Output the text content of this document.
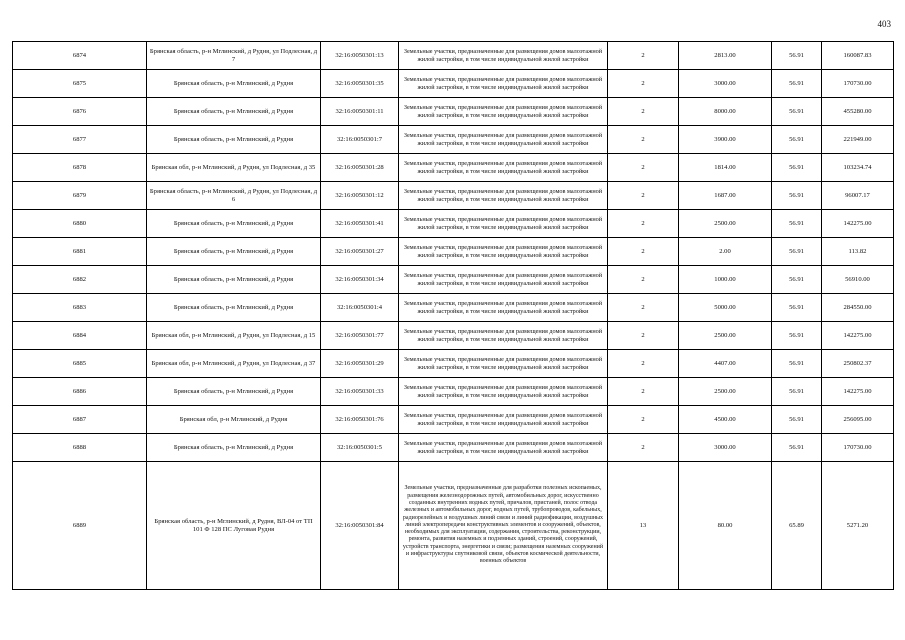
403
6874	Брянская область, р-н Мглинский, д Рудня, ул Подлесная, д 7	32:16:0050301:13	Земельные участки, предназначенные для размещения домов малоэтажной жилой застройки, в том числе индивидуальной жилой застройки	2	2813.00	56.91	160087.83
6875	Брянская область, р-н Мглинский, д Рудня	32:16:0050301:35	Земельные участки, предназначенные для размещения домов малоэтажной жилой застройки, в том числе индивидуальной жилой застройки	2	3000.00	56.91	170730.00
6876	Брянская область, р-н Мглинский, д Рудня	32:16:0050301:11	Земельные участки, предназначенные для размещения домов малоэтажной жилой застройки, в том числе индивидуальной жилой застройки	2	8000.00	56.91	455280.00
6877	Брянская область, р-н Мглинский, д Рудня	32:16:0050301:7	Земельные участки, предназначенные для размещения домов малоэтажной жилой застройки, в том числе индивидуальной жилой застройки	2	3900.00	56.91	221949.00
6878	Брянская обл, р-н Мглинский, д Рудня, ул Подлесная, д 35	32:16:0050301:28	Земельные участки, предназначенные для размещения домов малоэтажной жилой застройки, в том числе индивидуальной жилой застройки	2	1814.00	56.91	103234.74
6879	Брянская область, р-н Мглинский, д Рудня, ул Подлесная, д 6	32:16:0050301:12	Земельные участки, предназначенные для размещения домов малоэтажной жилой застройки, в том числе индивидуальной жилой застройки	2	1687.00	56.91	96007.17
6880	Брянская область, р-н Мглинский, д Рудня	32:16:0050301:41	Земельные участки, предназначенные для размещения домов малоэтажной жилой застройки, в том числе индивидуальной жилой застройки	2	2500.00	56.91	142275.00
6881	Брянская область, р-н Мглинский, д Рудня	32:16:0050301:27	Земельные участки, предназначенные для размещения домов малоэтажной жилой застройки, в том числе индивидуальной жилой застройки	2	2.00	56.91	113.82
6882	Брянская область, р-н Мглинский, д Рудня	32:16:0050301:34	Земельные участки, предназначенные для размещения домов малоэтажной жилой застройки, в том числе индивидуальной жилой застройки	2	1000.00	56.91	56910.00
6883	Брянская область, р-н Мглинский, д Рудня	32:16:0050301:4	Земельные участки, предназначенные для размещения домов малоэтажной жилой застройки, в том числе индивидуальной жилой застройки	2	5000.00	56.91	284550.00
6884	Брянская обл, р-н Мглинский, д Рудня, ул Подлесная, д 15	32:16:0050301:77	Земельные участки, предназначенные для размещения домов малоэтажной жилой застройки, в том числе индивидуальной жилой застройки	2	2500.00	56.91	142275.00
6885	Брянская обл, р-н Мглинский, д Рудня, ул Подлесная, д 37	32:16:0050301:29	Земельные участки, предназначенные для размещения домов малоэтажной жилой застройки, в том числе индивидуальной жилой застройки	2	4407.00	56.91	250802.37
6886	Брянская область, р-н Мглинский, д Рудня	32:16:0050301:33	Земельные участки, предназначенные для размещения домов малоэтажной жилой застройки, в том числе индивидуальной жилой застройки	2	2500.00	56.91	142275.00
6887	Брянская обл, р-н Мглинский, д Рудня	32:16:0050301:76	Земельные участки, предназначенные для размещения домов малоэтажной жилой застройки, в том числе индивидуальной жилой застройки	2	4500.00	56.91	256095.00
6888	Брянская область, р-н Мглинский, д Рудня	32:16:0050301:5	Земельные участки, предназначенные для размещения домов малоэтажной жилой застройки, в том числе индивидуальной жилой застройки	2	3000.00	56.91	170730.00
6889	Брянская область, р-н Мглинский, д Рудня, ВЛ-04 от ТП 101 Ф 128 ПС Луговая Рудня	32:16:0050301:84	Земельные участки, предназначенные для разработки полезных ископаемых, размещения железнодорожных путей, автомобильных дорог, искусственно созданных внутренних водных путей, причалов, пристаней, полос отвода железных и автомобильных дорог, водных путей, трубопроводов, кабельных, радиорелейных и воздушных линий связи и линий радиофикации, воздушных линий электропередачи конструктивных элементов и сооружений, объектов, необходимых для эксплуатации, содержания, строительства, реконструкции, ремонта, развития наземных и подземных зданий, строений, сооружений, устройств транспорта, энергетики и связи; размещения наземных сооружений и инфраструктуры спутниковой связи, объектов космической деятельности, военных объектов	13	80.00	65.89	5271.20
